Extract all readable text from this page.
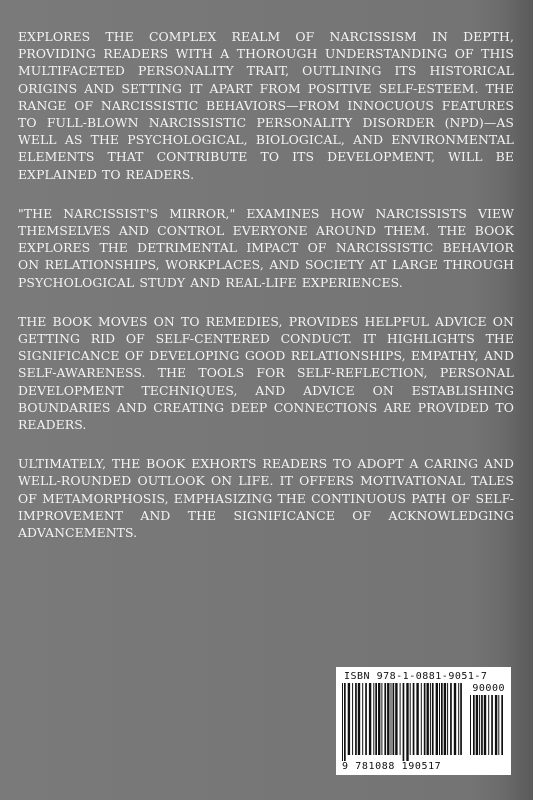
EXPLORES THE COMPLEX REALM OF NARCISSISM IN DEPTH, PROVIDING READERS WITH A THOROUGH UNDERSTANDING OF THIS MULTIFACETED PERSONALITY TRAIT, OUTLINING ITS HISTORICAL ORIGINS AND SETTING IT APART FROM POSITIVE SELF-ESTEEM. THE RANGE OF NARCISSISTIC BEHAVIORS—FROM INNOCUOUS FEATURES TO FULL-BLOWN NARCISSISTIC PERSONALITY DISORDER (NPD)—AS WELL AS THE PSYCHOLOGICAL, BIOLOGICAL, AND ENVIRONMENTAL ELEMENTS THAT CONTRIBUTE TO ITS DEVELOPMENT, WILL BE EXPLAINED TO READERS.

"THE NARCISSIST'S MIRROR," EXAMINES HOW NARCISSISTS VIEW THEMSELVES AND CONTROL EVERYONE AROUND THEM. THE BOOK EXPLORES THE DETRIMENTAL IMPACT OF NARCISSISTIC BEHAVIOR ON RELATIONSHIPS, WORKPLACES, AND SOCIETY AT LARGE THROUGH PSYCHOLOGICAL STUDY AND REAL-LIFE EXPERIENCES.

THE BOOK MOVES ON TO REMEDIES, PROVIDES HELPFUL ADVICE ON GETTING RID OF SELF-CENTERED CONDUCT. IT HIGHLIGHTS THE SIGNIFICANCE OF DEVELOPING GOOD RELATIONSHIPS, EMPATHY, AND SELF-AWARENESS. THE TOOLS FOR SELF-REFLECTION, PERSONAL DEVELOPMENT TECHNIQUES, AND ADVICE ON ESTABLISHING BOUNDARIES AND CREATING DEEP CONNECTIONS ARE PROVIDED TO READERS.

ULTIMATELY, THE BOOK EXHORTS READERS TO ADOPT A CARING AND WELL-ROUNDED OUTLOOK ON LIFE. IT OFFERS MOTIVATIONAL TALES OF METAMORPHOSIS, EMPHASIZING THE CONTINUOUS PATH OF SELF-IMPROVEMENT AND THE SIGNIFICANCE OF ACKNOWLEDGING ADVANCEMENTS.

ISBN 978-1-0881-9051-7
90000
9 781088 190517
